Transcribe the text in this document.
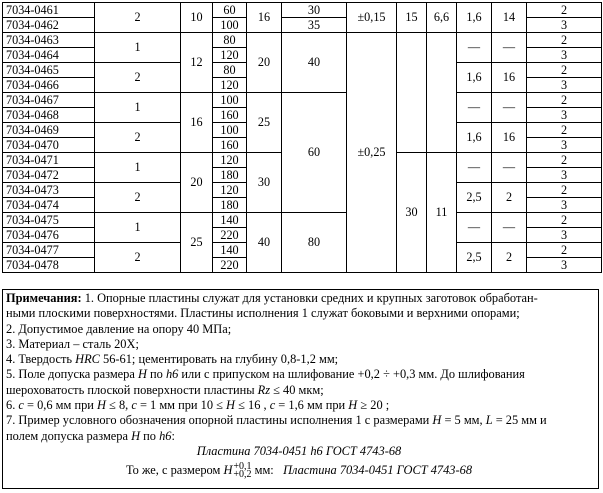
7034-0461	2	10	60	16	30	±0,15	15	6,6	1,6	14	2
7034-0462			100		35						3
7034-0463	1	12	80	20	40	±0,25			—	—	2
7034-0464			120								3
7034-0465	2		80						1,6	16	2
7034-0466			120								3
7034-0467	1	16	100	25	60				—	—	2
7034-0468			160								3
7034-0469	2		100						1,6	16	2
7034-0470			160								3
7034-0471	1	20	120	30			30	11	—	—	2
7034-0472			180								3
7034-0473	2		120						2,5	2	2
7034-0474			180								3
7034-0475	1	25	140	40	80				—	—	2
7034-0476			220								3
7034-0477	2		140						2,5	2	2
7034-0478			220								3
Примечания: 1. Опорные пластины служат для установки средних и крупных заготовок обработан-
ными плоскими поверхностями. Пластины исполнения 1 служат боковыми и верхними опорами;
2. Допустимое давление на опору 40 МПа;
3. Материал – сталь 20Х;
4. Твердость HRC 56-61; цементировать на глубину 0,8-1,2 мм;
5. Поле допуска размера H по h6 или с припуском на шлифование +0,2 ÷ +0,3 мм. До шлифования
шероховатость плоской поверхности пластины Rz ≤ 40 мкм;
6. c = 0,6 мм при H ≤ 8, c = 1 мм при 10 ≤ H ≤ 16 , c = 1,6 мм при H ≥ 20 ;
7. Пример условного обозначения опорной пластины исполнения 1 с размерами H = 5 мм, L = 25 мм и
полем допуска размера H по h6:
Пластина 7034-0451 h6 ГОСТ 4743-68
То же, с размером H +0,1
+0,2 мм: Пластина 7034-0451 ГОСТ 4743-68
